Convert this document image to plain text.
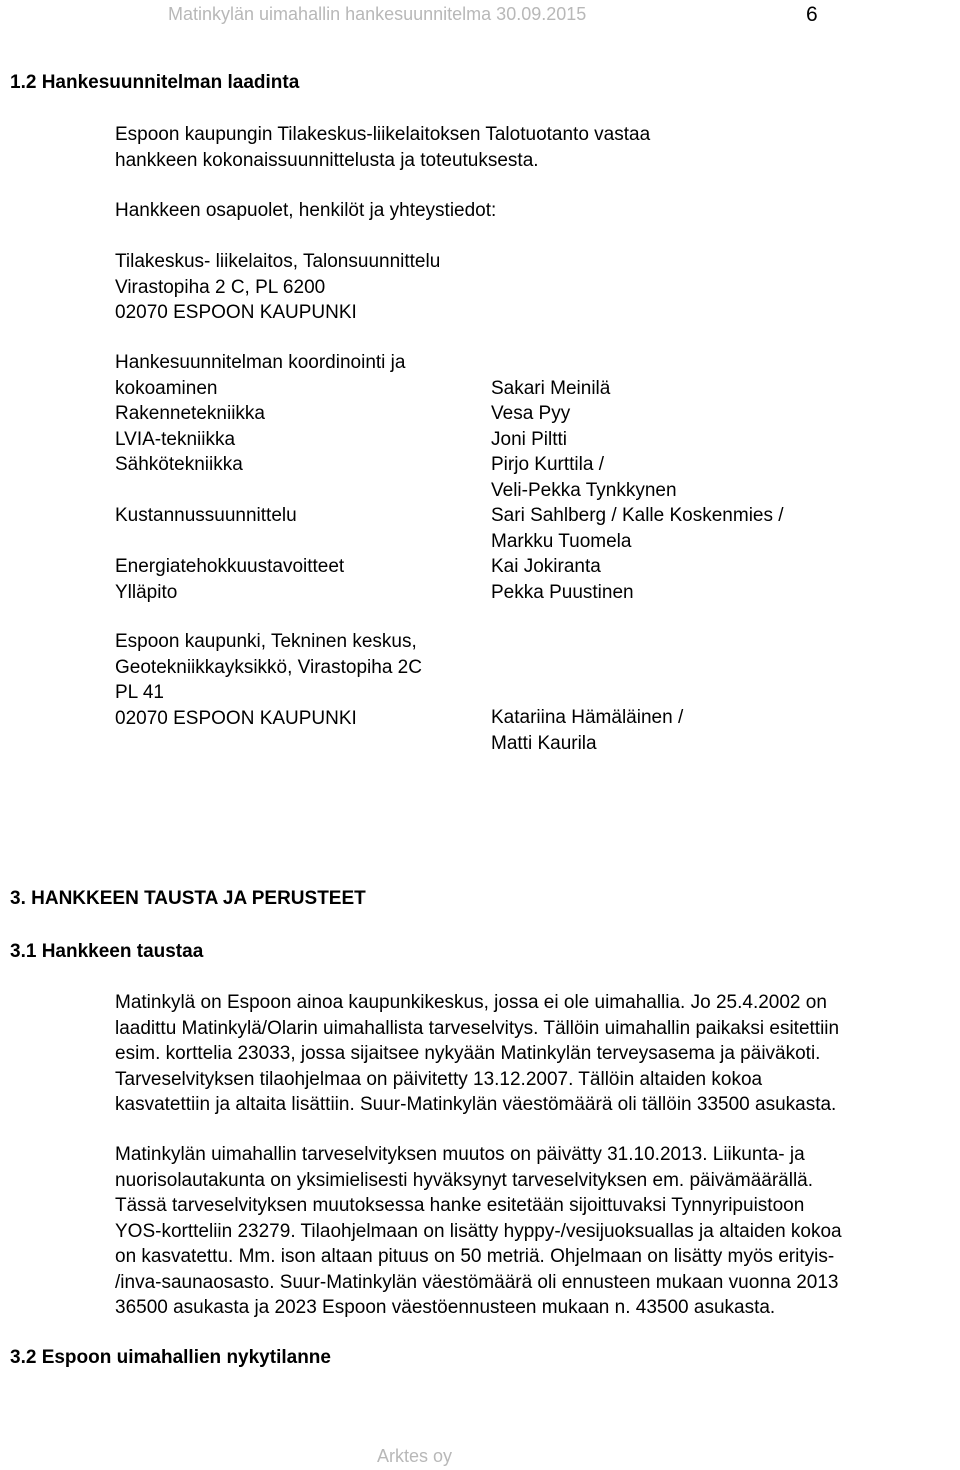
Matinkylän uimahallin hankesuunnitelma 30.09.2015	6
1.2 Hankesuunnitelman laadinta
Espoon kaupungin Tilakeskus-liikelaitoksen Talotuotanto vastaa
hankkeen kokonaissuunnittelusta ja toteutuksesta.
Hankkeen osapuolet, henkilöt ja yhteystiedot:
Tilakeskus- liikelaitos, Talonsuunnittelu
Virastopiha 2 C, PL 6200
02070 ESPOON KAUPUNKI
Hankesuunnitelman koordinointi ja
kokoaminen
Rakennetekniikka
LVIA-tekniikka
Sähkötekniikka
Kustannussuunnittelu
Energiatehokkuustavoitteet
Ylläpito
Sakari Meinilä
Vesa Pyy
Joni Piltti
Pirjo Kurttila /
Veli-Pekka Tynkkynen
Sari Sahlberg / Kalle Koskenmies /
Markku Tuomela
Kai Jokiranta
Pekka Puustinen
Espoon kaupunki, Tekninen keskus,
Geotekniikkayksikkö, Virastopiha 2C
PL 41
02070 ESPOON KAUPUNKI	Katariina Hämäläinen /
Matti Kaurila
3. HANKKEEN TAUSTA JA PERUSTEET
3.1 Hankkeen taustaa
Matinkylä on Espoon ainoa kaupunkikeskus, jossa ei ole uimahallia. Jo 25.4.2002 on
laadittu Matinkylä/Olarin uimahallista tarveselvitys. Tällöin uimahallin paikaksi esitettiin
esim. korttelia 23033, jossa sijaitsee nykyään Matinkylän terveysasema ja päiväkoti.
Tarveselvityksen tilaohjelmaa on päivitetty 13.12.2007. Tällöin altaiden kokoa
kasvatettiin ja altaita lisättiin. Suur-Matinkylän väestömäärä oli tällöin 33500 asukasta.
Matinkylän uimahallin tarveselvityksen muutos on päivätty 31.10.2013. Liikunta- ja
nuorisolautakunta on yksimielisesti hyväksynyt tarveselvityksen em. päivämäärällä.
Tässä tarveselvityksen muutoksessa hanke esitetään sijoittuvaksi Tynnyripuistoon
YOS-kortteliin 23279. Tilaohjelmaan on lisätty hyppy-/vesijuoksuallas ja altaiden kokoa
on kasvatettu. Mm. ison altaan pituus on 50 metriä. Ohjelmaan on lisätty myös erityis-
/inva-saunaosasto. Suur-Matinkylän väestömäärä oli ennusteen mukaan vuonna 2013
36500 asukasta ja 2023 Espoon väestöennusteen mukaan n. 43500 asukasta.
3.2 Espoon uimahallien nykytilanne
Arktes oy
